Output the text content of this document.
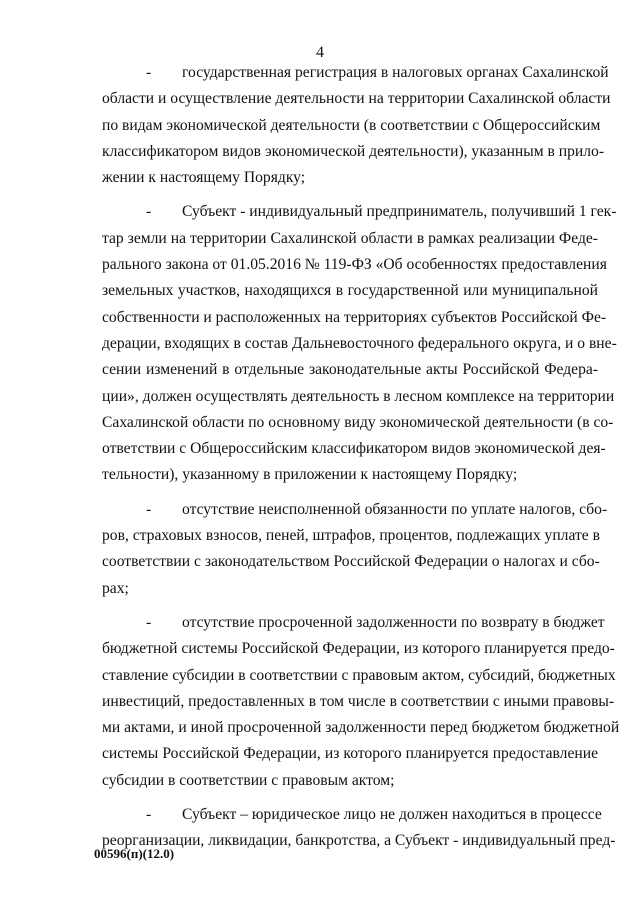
4
- государственная регистрация в налоговых органах Сахалинской
области и осуществление деятельности на территории Сахалинской области
по видам экономической деятельности (в соответствии с Общероссийским
классификатором видов экономической деятельности), указанным в прило-
жении к настоящему Порядку;
- Субъект - индивидуальный предприниматель, получивший 1 гек-
тар земли на территории Сахалинской области в рамках реализации Феде-
рального закона от 01.05.2016 № 119-ФЗ «Об особенностях предоставления
земельных участков, находящихся в государственной или муниципальной
собственности и расположенных на территориях субъектов Российской Фе-
дерации, входящих в состав Дальневосточного федерального округа, и о вне-
сении изменений в отдельные законодательные акты Российской Федера-
ции», должен осуществлять деятельность в лесном комплексе на территории
Сахалинской области по основному виду экономической деятельности (в со-
ответствии с Общероссийским классификатором видов экономической дея-
тельности), указанному в приложении к настоящему Порядку;
- отсутствие неисполненной обязанности по уплате налогов, сбо-
ров, страховых взносов, пеней, штрафов, процентов, подлежащих уплате в
соответствии с законодательством Российской Федерации о налогах и сбо-
рах;
- отсутствие просроченной задолженности по возврату в бюджет
бюджетной системы Российской Федерации, из которого планируется предо-
ставление субсидии в соответствии с правовым актом, субсидий, бюджетных
инвестиций, предоставленных в том числе в соответствии с иными правовы-
ми актами, и иной просроченной задолженности перед бюджетом бюджетной
системы Российской Федерации, из которого планируется предоставление
субсидии в соответствии с правовым актом;
- Субъект – юридическое лицо не должен находиться в процессе
реорганизации, ликвидации, банкротства, а Субъект - индивидуальный пред-
00596(п)(12.0)
